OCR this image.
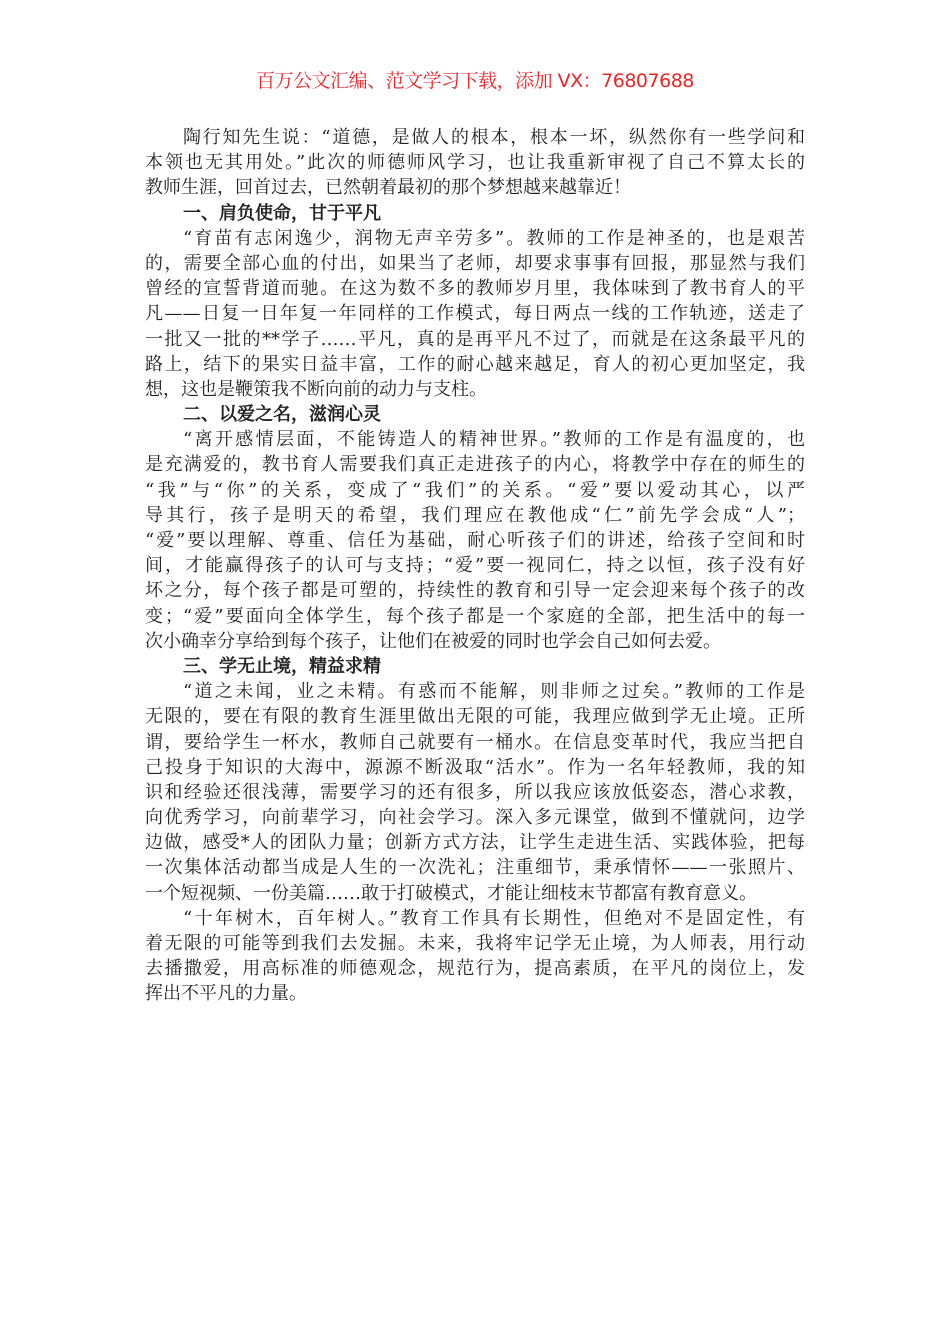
百万公文汇编、范文学习下载，添加 VX：76807688
陶行知先生说：“道德，是做人的根本，根本一坏，纵然你有一些学问和
本领也无其用处。”此次的师德师风学习，也让我重新审视了自己不算太长的
教师生涯，回首过去，已然朝着最初的那个梦想越来越靠近！
一、肩负使命，甘于平凡
“育苗有志闲逸少，润物无声辛劳多”。教师的工作是神圣的，也是艰苦
的，需要全部心血的付出，如果当了老师，却要求事事有回报，那显然与我们
曾经的宣誓背道而驰。在这为数不多的教师岁月里，我体味到了教书育人的平
凡——日复一日年复一年同样的工作模式，每日两点一线的工作轨迹，送走了
一批又一批的**学子……平凡，真的是再平凡不过了，而就是在这条最平凡的
路上，结下的果实日益丰富，工作的耐心越来越足，育人的初心更加坚定，我
想，这也是鞭策我不断向前的动力与支柱。
二、以爱之名，滋润心灵
“离开感情层面，不能铸造人的精神世界。”教师的工作是有温度的，也
是充满爱的，教书育人需要我们真正走进孩子的内心，将教学中存在的师生的
“我”与“你”的关系，变成了“我们”的关系。“爱”要以爱动其心，以严
导其行，孩子是明天的希望，我们理应在教他成“仁”前先学会成“人”；
“爱”要以理解、尊重、信任为基础，耐心听孩子们的讲述，给孩子空间和时
间，才能赢得孩子的认可与支持；“爱”要一视同仁，持之以恒，孩子没有好
坏之分，每个孩子都是可塑的，持续性的教育和引导一定会迎来每个孩子的改
变；“爱”要面向全体学生，每个孩子都是一个家庭的全部，把生活中的每一
次小确幸分享给到每个孩子，让他们在被爱的同时也学会自己如何去爱。
三、学无止境，精益求精
“道之未闻，业之未精。有惑而不能解，则非师之过矣。”教师的工作是
无限的，要在有限的教育生涯里做出无限的可能，我理应做到学无止境。正所
谓，要给学生一杯水，教师自己就要有一桶水。在信息变革时代，我应当把自
己投身于知识的大海中，源源不断汲取“活水”。作为一名年轻教师，我的知
识和经验还很浅薄，需要学习的还有很多，所以我应该放低姿态，潜心求教，
向优秀学习，向前辈学习，向社会学习。深入多元课堂，做到不懂就问，边学
边做，感受*人的团队力量；创新方式方法，让学生走进生活、实践体验，把每
一次集体活动都当成是人生的一次洗礼；注重细节，秉承情怀——一张照片、
一个短视频、一份美篇……敢于打破模式，才能让细枝末节都富有教育意义。
“十年树木，百年树人。”教育工作具有长期性，但绝对不是固定性，有
着无限的可能等到我们去发掘。未来，我将牢记学无止境，为人师表，用行动
去播撒爱，用高标准的师德观念，规范行为，提高素质，在平凡的岗位上，发
挥出不平凡的力量。
